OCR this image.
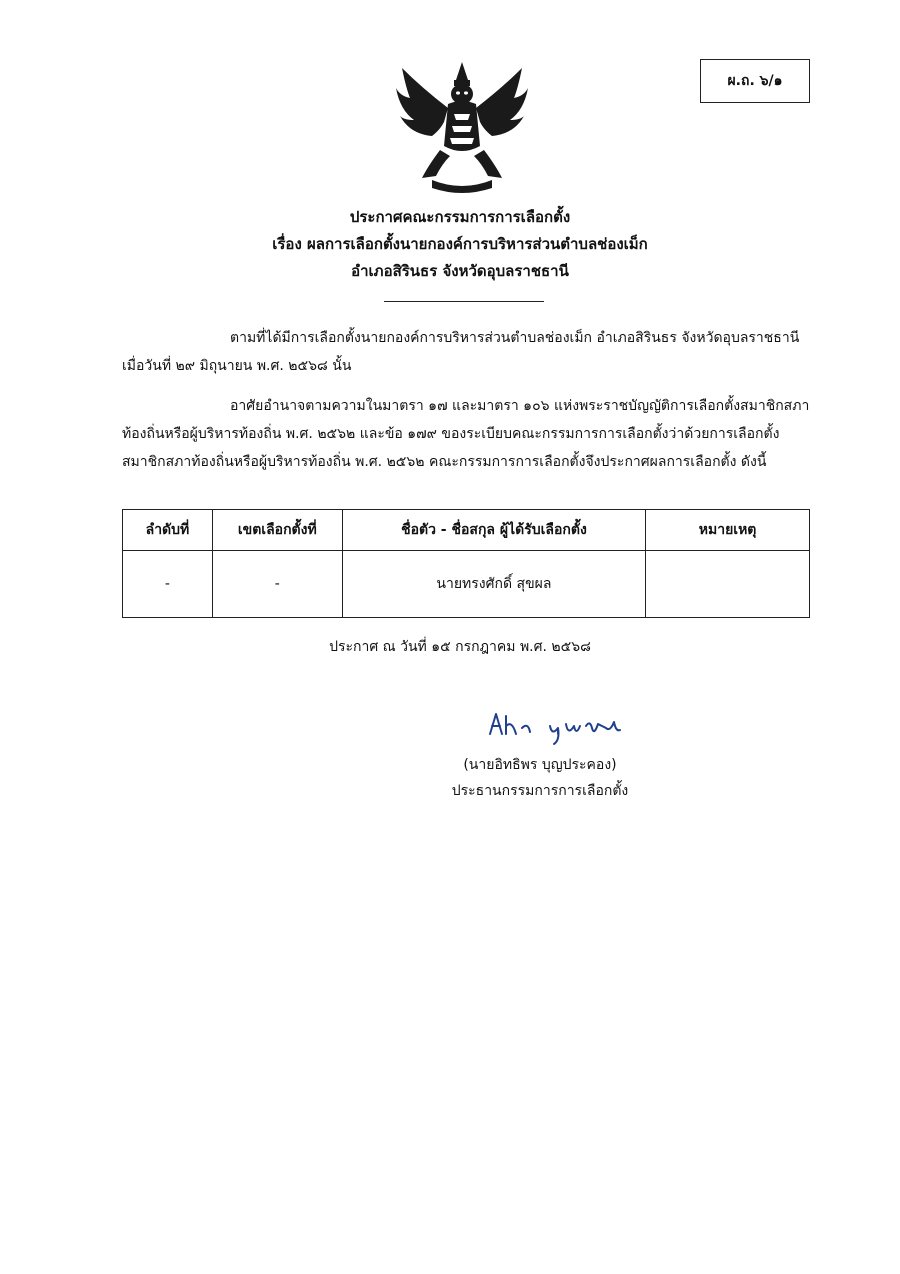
ผ.ถ. ๖/๑
ประกาศคณะกรรมการการเลือกตั้ง
เรื่อง ผลการเลือกตั้งนายกองค์การบริหารส่วนตำบลช่องเม็ก
อำเภอสิรินธร จังหวัดอุบลราชธานี

ตามที่ได้มีการเลือกตั้งนายกองค์การบริหารส่วนตำบลช่องเม็ก อำเภอสิรินธร จังหวัดอุบลราชธานี เมื่อวันที่ ๒๙ มิถุนายน พ.ศ. ๒๕๖๘ นั้น

อาศัยอำนาจตามความในมาตรา ๑๗ และมาตรา ๑๐๖ แห่งพระราชบัญญัติการเลือกตั้งสมาชิกสภาท้องถิ่นหรือผู้บริหารท้องถิ่น พ.ศ. ๒๕๖๒ และข้อ ๑๗๙ ของระเบียบคณะกรรมการการเลือกตั้งว่าด้วยการเลือกตั้งสมาชิกสภาท้องถิ่นหรือผู้บริหารท้องถิ่น พ.ศ. ๒๕๖๒ คณะกรรมการการเลือกตั้งจึงประกาศผลการเลือกตั้ง ดังนี้

ลำดับที่	เขตเลือกตั้งที่	ชื่อตัว - ชื่อสกุล ผู้ได้รับเลือกตั้ง	หมายเหตุ
-	-	นายทรงศักดิ์ สุขผล	
ประกาศ ณ วันที่ ๑๕ กรกฎาคม พ.ศ. ๒๕๖๘
(นายอิทธิพร บุญประคอง)
ประธานกรรมการการเลือกตั้ง
